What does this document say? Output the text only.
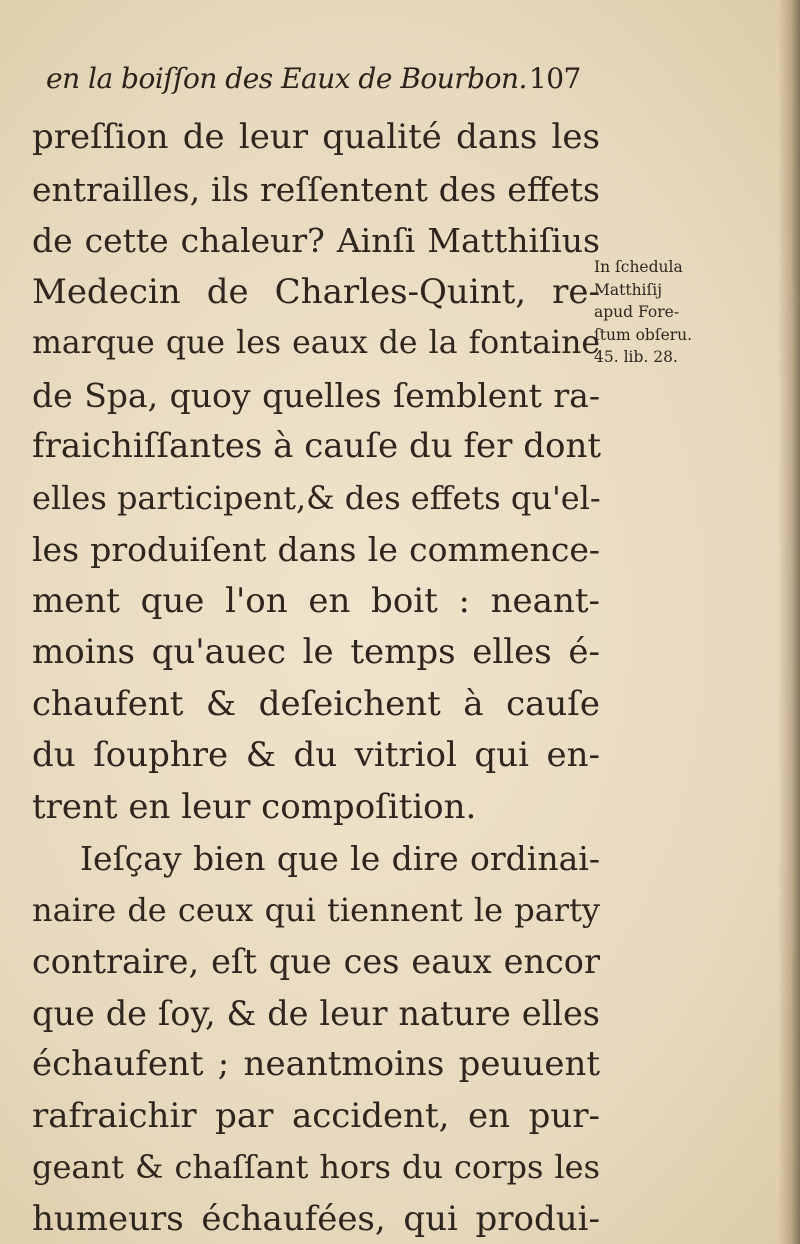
en la boiſſon des Eaux de Bourbon.107
preſſion de leur qualité dans les
entrailles, ils reſſentent des effets
de cette chaleur? Ainſi Matthiſius
Medecin de Charles-Quint, re-
marque que les eaux de la fontaine
de Spa, quoy quelles ſemblent ra-
fraichiſſantes à cauſe du fer dont
elles participent,& des effets qu'el-
les produiſent dans le commence-
ment que l'on en boit : neant-
moins qu'auec le temps elles é-
chaufent & deſeichent à cauſe
du ſouphre & du vitriol qui en-
trent en leur compoſition.
Ieſçay bien que le dire ordinai-
naire de ceux qui tiennent le party
contraire, eſt que ces eaux encor
que de ſoy, & de leur nature elles
échaufent ; neantmoins peuuent
rafraichir par accident, en pur-
geant & chaſſant hors du corps les
humeurs échaufées, qui produi-
In ſchedula
Matthiſij
apud Fore-
ſtum obſeru.
45. lib. 28.
